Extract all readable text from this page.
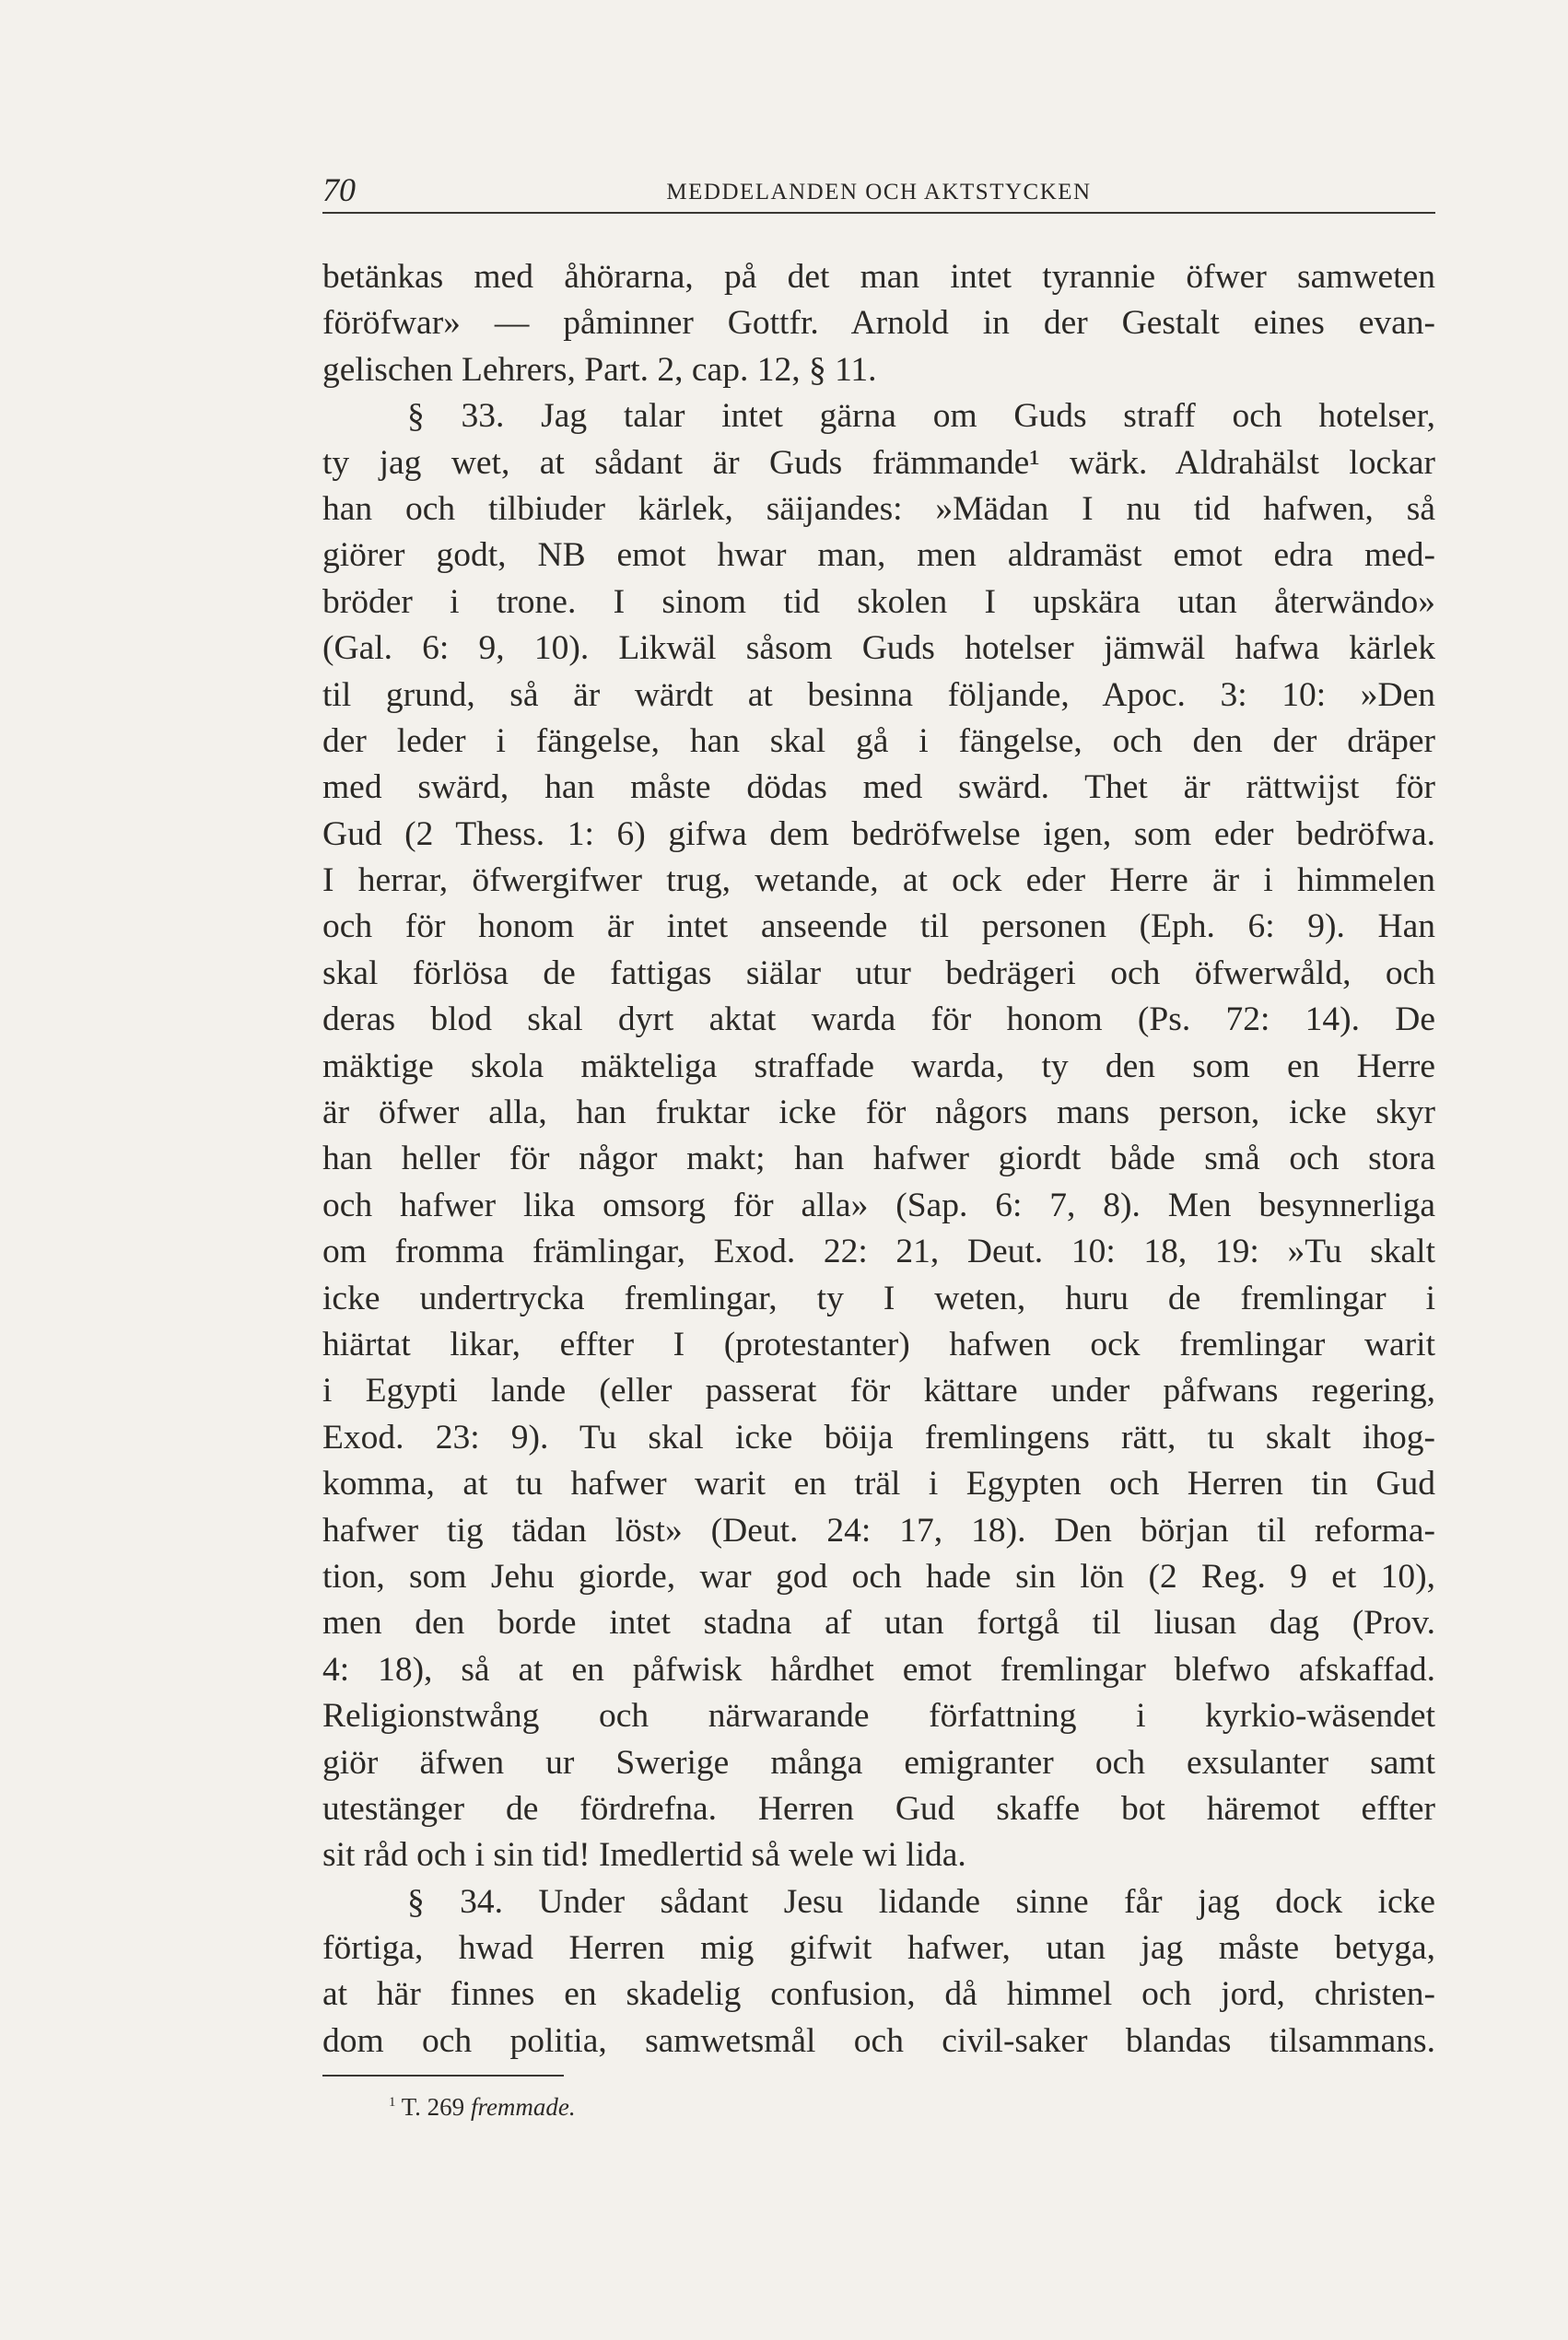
70	MEDDELANDEN OCH AKTSTYCKEN
betänkas med åhörarna, på det man intet tyrannie öfwer samweten
föröfwar» — påminner Gottfr. Arnold in der Gestalt eines evan-
gelischen Lehrers, Part. 2, cap. 12, § 11.
§ 33. Jag talar intet gärna om Guds straff och hotelser,
ty jag wet, at sådant är Guds främmande¹ wärk. Aldrahälst lockar
han och tilbiuder kärlek, säijandes: »Mädan I nu tid hafwen, så
giörer godt, NB emot hwar man, men aldramäst emot edra med-
bröder i trone. I sinom tid skolen I upskära utan återwändo»
(Gal. 6: 9, 10). Likwäl såsom Guds hotelser jämwäl hafwa kärlek
til grund, så är wärdt at besinna följande, Apoc. 3: 10: »Den
der leder i fängelse, han skal gå i fängelse, och den der dräper
med swärd, han måste dödas med swärd. Thet är rättwijst för
Gud (2 Thess. 1: 6) gifwa dem bedröfwelse igen, som eder bedröfwa.
I herrar, öfwergifwer trug, wetande, at ock eder Herre är i himmelen
och för honom är intet anseende til personen (Eph. 6: 9). Han
skal förlösa de fattigas siälar utur bedrägeri och öfwerwåld, och
deras blod skal dyrt aktat warda för honom (Ps. 72: 14). De
mäktige skola mäkteliga straffade warda, ty den som en Herre
är öfwer alla, han fruktar icke för någors mans person, icke skyr
han heller för någor makt; han hafwer giordt både små och stora
och hafwer lika omsorg för alla» (Sap. 6: 7, 8). Men besynnerliga
om fromma främlingar, Exod. 22: 21, Deut. 10: 18, 19: »Tu skalt
icke undertrycka fremlingar, ty I weten, huru de fremlingar i
hiärtat likar, effter I (protestanter) hafwen ock fremlingar warit
i Egypti lande (eller passerat för kättare under påfwans regering,
Exod. 23: 9). Tu skal icke böija fremlingens rätt, tu skalt ihog-
komma, at tu hafwer warit en träl i Egypten och Herren tin Gud
hafwer tig tädan löst» (Deut. 24: 17, 18). Den början til reforma-
tion, som Jehu giorde, war god och hade sin lön (2 Reg. 9 et 10),
men den borde intet stadna af utan fortgå til liusan dag (Prov.
4: 18), så at en påfwisk hårdhet emot fremlingar blefwo afskaffad.
Religionstwång och närwarande författning i kyrkio-wäsendet
giör äfwen ur Swerige många emigranter och exsulanter samt
utestänger de fördrefna. Herren Gud skaffe bot häremot effter
sit råd och i sin tid! Imedlertid så wele wi lida.
§ 34. Under sådant Jesu lidande sinne får jag dock icke
förtiga, hwad Herren mig gifwit hafwer, utan jag måste betyga,
at här finnes en skadelig confusion, då himmel och jord, christen-
dom och politia, samwetsmål och civil-saker blandas tilsammans.
$^1$ T. 269 fremmade.
